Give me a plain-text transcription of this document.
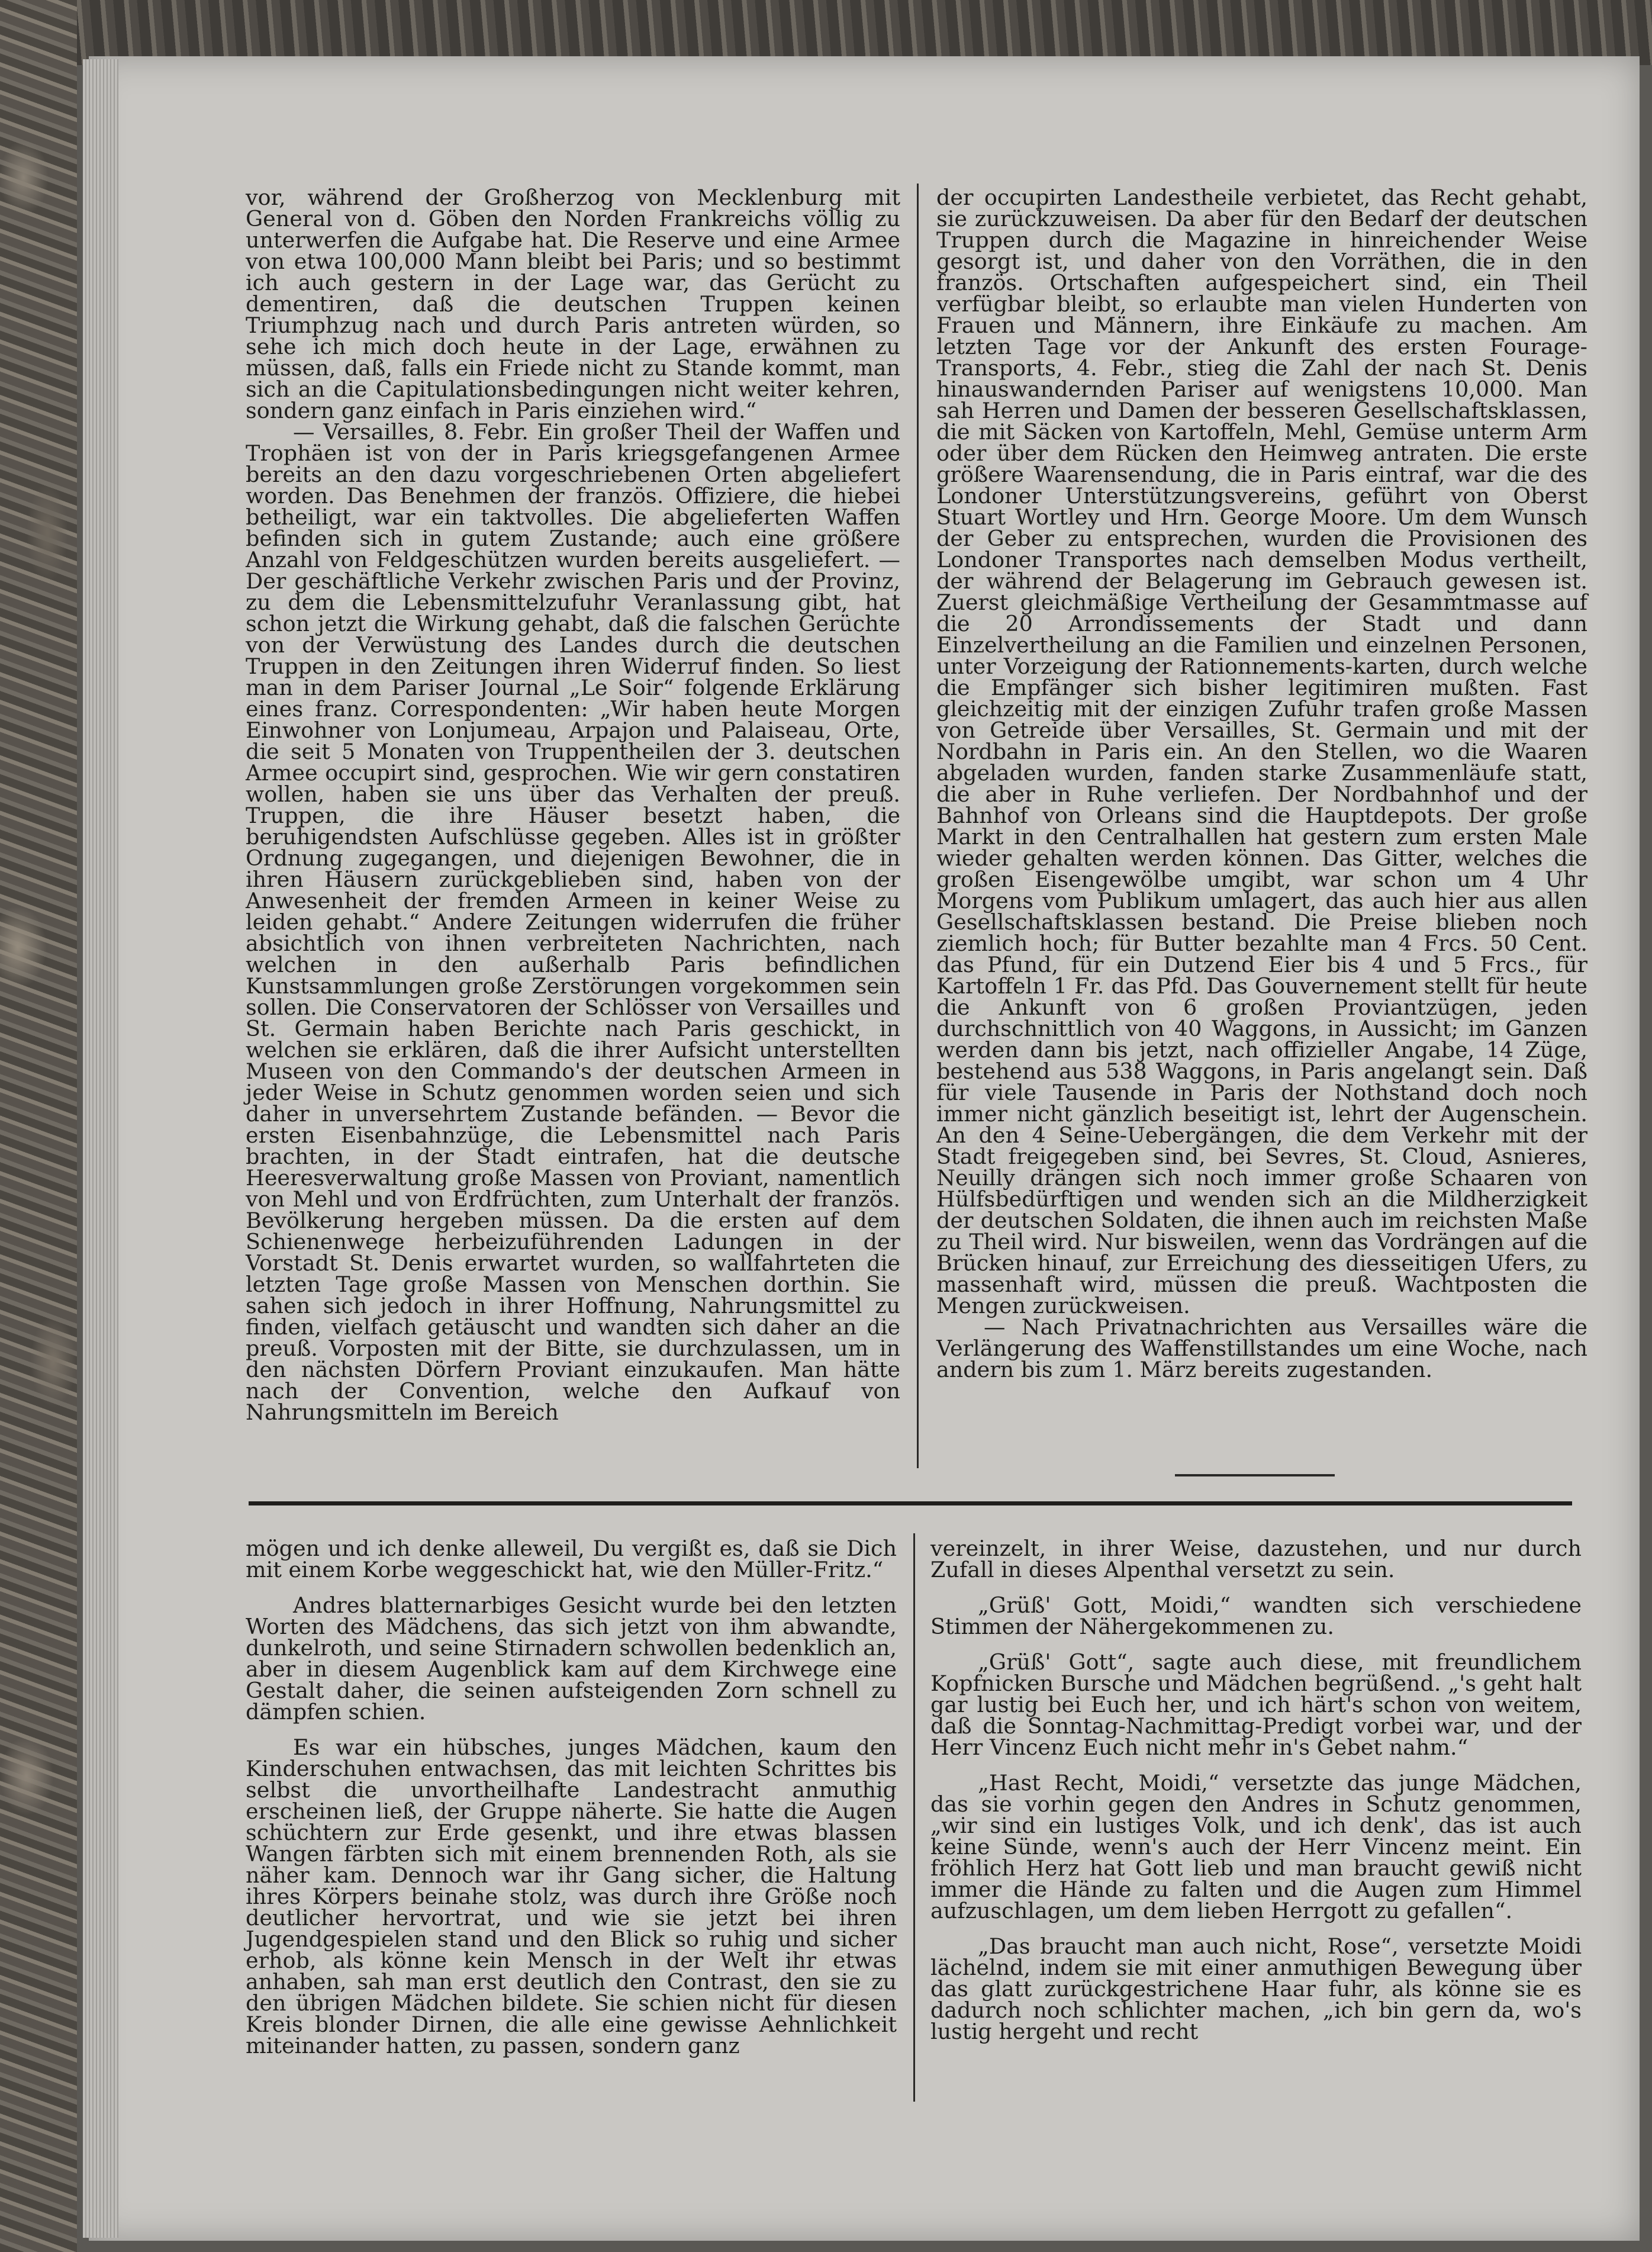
vor, während der Großherzog von Mecklenburg mit General von d. Göben den Norden Frankreichs völlig zu unterwerfen die Aufgabe hat. Die Reserve und eine Armee von etwa 100,000 Mann bleibt bei Paris; und so bestimmt ich auch gestern in der Lage war, das Gerücht zu dementiren, daß die deutschen Truppen keinen Triumphzug nach und durch Paris antreten würden, so sehe ich mich doch heute in der Lage, erwähnen zu müssen, daß, falls ein Friede nicht zu Stande kommt, man sich an die Capitulationsbedingungen nicht weiter kehren, sondern ganz einfach in Paris einziehen wird.“

— Versailles, 8. Febr. Ein großer Theil der Waffen und Trophäen ist von der in Paris kriegsgefangenen Armee bereits an den dazu vorgeschriebenen Orten abgeliefert worden. Das Benehmen der französ. Offiziere, die hiebei betheiligt, war ein taktvolles. Die abgelieferten Waffen befinden sich in gutem Zustande; auch eine größere Anzahl von Feldgeschützen wurden bereits ausgeliefert. — Der geschäftliche Verkehr zwischen Paris und der Provinz, zu dem die Lebensmittelzufuhr Veranlassung gibt, hat schon jetzt die Wirkung gehabt, daß die falschen Gerüchte von der Verwüstung des Landes durch die deutschen Truppen in den Zeitungen ihren Widerruf finden. So liest man in dem Pariser Journal „Le Soir“ folgende Erklärung eines franz. Correspondenten: „Wir haben heute Morgen Einwohner von Lonjumeau, Arpajon und Palaiseau, Orte, die seit 5 Monaten von Truppentheilen der 3. deutschen Armee occupirt sind, gesprochen. Wie wir gern constatiren wollen, haben sie uns über das Verhalten der preuß. Truppen, die ihre Häuser besetzt haben, die beruhigendsten Aufschlüsse gegeben. Alles ist in größter Ordnung zugegangen, und diejenigen Bewohner, die in ihren Häusern zurückgeblieben sind, haben von der Anwesenheit der fremden Armeen in keiner Weise zu leiden gehabt.“ Andere Zeitungen widerrufen die früher absichtlich von ihnen verbreiteten Nachrichten, nach welchen in den außerhalb Paris befindlichen Kunstsammlungen große Zerstörungen vorgekommen sein sollen. Die Conservatoren der Schlösser von Versailles und St. Germain haben Berichte nach Paris geschickt, in welchen sie erklären, daß die ihrer Aufsicht unterstellten Museen von den Commando's der deutschen Armeen in jeder Weise in Schutz genommen worden seien und sich daher in unversehrtem Zustande befänden. — Bevor die ersten Eisenbahnzüge, die Lebensmittel nach Paris brachten, in der Stadt eintrafen, hat die deutsche Heeresverwaltung große Massen von Proviant, namentlich von Mehl und von Erdfrüchten, zum Unterhalt der französ. Bevölkerung hergeben müssen. Da die ersten auf dem Schienenwege herbeizuführenden Ladungen in der Vorstadt St. Denis erwartet wurden, so wallfahrteten die letzten Tage große Massen von Menschen dorthin. Sie sahen sich jedoch in ihrer Hoffnung, Nahrungsmittel zu finden, vielfach getäuscht und wandten sich daher an die preuß. Vorposten mit der Bitte, sie durchzulassen, um in den nächsten Dörfern Proviant einzukaufen. Man hätte nach der Convention, welche den Aufkauf von Nahrungsmitteln im Bereich

der occupirten Landestheile verbietet, das Recht gehabt, sie zurückzuweisen. Da aber für den Bedarf der deutschen Truppen durch die Magazine in hinreichender Weise gesorgt ist, und daher von den Vorräthen, die in den französ. Ortschaften aufgespeichert sind, ein Theil verfügbar bleibt, so erlaubte man vielen Hunderten von Frauen und Männern, ihre Einkäufe zu machen. Am letzten Tage vor der Ankunft des ersten Fourage-Transports, 4. Febr., stieg die Zahl der nach St. Denis hinauswandernden Pariser auf wenigstens 10,000. Man sah Herren und Damen der besseren Gesellschaftsklassen, die mit Säcken von Kartoffeln, Mehl, Gemüse unterm Arm oder über dem Rücken den Heimweg antraten. Die erste größere Waarensendung, die in Paris eintraf, war die des Londoner Unterstützungsvereins, geführt von Oberst Stuart Wortley und Hrn. George Moore. Um dem Wunsch der Geber zu entsprechen, wurden die Provisionen des Londoner Transportes nach demselben Modus vertheilt, der während der Belagerung im Gebrauch gewesen ist. Zuerst gleichmäßige Vertheilung der Gesammtmasse auf die 20 Arrondissements der Stadt und dann Einzelvertheilung an die Familien und einzelnen Personen, unter Vorzeigung der Rationnements-karten, durch welche die Empfänger sich bisher legitimiren mußten. Fast gleichzeitig mit der einzigen Zufuhr trafen große Massen von Getreide über Versailles, St. Germain und mit der Nordbahn in Paris ein. An den Stellen, wo die Waaren abgeladen wurden, fanden starke Zusammenläufe statt, die aber in Ruhe verliefen. Der Nordbahnhof und der Bahnhof von Orleans sind die Hauptdepots. Der große Markt in den Centralhallen hat gestern zum ersten Male wieder gehalten werden können. Das Gitter, welches die großen Eisengewölbe umgibt, war schon um 4 Uhr Morgens vom Publikum umlagert, das auch hier aus allen Gesellschaftsklassen bestand. Die Preise blieben noch ziemlich hoch; für Butter bezahlte man 4 Frcs. 50 Cent. das Pfund, für ein Dutzend Eier bis 4 und 5 Frcs., für Kartoffeln 1 Fr. das Pfd. Das Gouvernement stellt für heute die Ankunft von 6 großen Proviantzügen, jeden durchschnittlich von 40 Waggons, in Aussicht; im Ganzen werden dann bis jetzt, nach offizieller Angabe, 14 Züge, bestehend aus 538 Waggons, in Paris angelangt sein. Daß für viele Tausende in Paris der Nothstand doch noch immer nicht gänzlich beseitigt ist, lehrt der Augenschein. An den 4 Seine-Uebergängen, die dem Verkehr mit der Stadt freigegeben sind, bei Sevres, St. Cloud, Asnieres, Neuilly drängen sich noch immer große Schaaren von Hülfsbedürftigen und wenden sich an die Mildherzigkeit der deutschen Soldaten, die ihnen auch im reichsten Maße zu Theil wird. Nur bisweilen, wenn das Vordrängen auf die Brücken hinauf, zur Erreichung des diesseitigen Ufers, zu massenhaft wird, müssen die preuß. Wachtposten die Mengen zurückweisen.

— Nach Privatnachrichten aus Versailles wäre die Verlängerung des Waffenstillstandes um eine Woche, nach andern bis zum 1. März bereits zugestanden.

mögen und ich denke alleweil, Du vergißt es, daß sie Dich mit einem Korbe weggeschickt hat, wie den Müller-Fritz.“

Andres blatternarbiges Gesicht wurde bei den letzten Worten des Mädchens, das sich jetzt von ihm abwandte, dunkelroth, und seine Stirnadern schwollen bedenklich an, aber in diesem Augenblick kam auf dem Kirchwege eine Gestalt daher, die seinen aufsteigenden Zorn schnell zu dämpfen schien.

Es war ein hübsches, junges Mädchen, kaum den Kinderschuhen entwachsen, das mit leichten Schrittes bis selbst die unvortheilhafte Landestracht anmuthig erscheinen ließ, der Gruppe näherte. Sie hatte die Augen schüchtern zur Erde gesenkt, und ihre etwas blassen Wangen färbten sich mit einem brennenden Roth, als sie näher kam. Dennoch war ihr Gang sicher, die Haltung ihres Körpers beinahe stolz, was durch ihre Größe noch deutlicher hervortrat, und wie sie jetzt bei ihren Jugendgespielen stand und den Blick so ruhig und sicher erhob, als könne kein Mensch in der Welt ihr etwas anhaben, sah man erst deutlich den Contrast, den sie zu den übrigen Mädchen bildete. Sie schien nicht für diesen Kreis blonder Dirnen, die alle eine gewisse Aehnlichkeit miteinander hatten, zu passen, sondern ganz

vereinzelt, in ihrer Weise, dazustehen, und nur durch Zufall in dieses Alpenthal versetzt zu sein.

„Grüß' Gott, Moidi,“ wandten sich verschiedene Stimmen der Nähergekommenen zu.

„Grüß' Gott“, sagte auch diese, mit freundlichem Kopfnicken Bursche und Mädchen begrüßend. „'s geht halt gar lustig bei Euch her, und ich härt's schon von weitem, daß die Sonntag-Nachmittag-Predigt vorbei war, und der Herr Vincenz Euch nicht mehr in's Gebet nahm.“

„Hast Recht, Moidi,“ versetzte das junge Mädchen, das sie vorhin gegen den Andres in Schutz genommen, „wir sind ein lustiges Volk, und ich denk', das ist auch keine Sünde, wenn's auch der Herr Vincenz meint. Ein fröhlich Herz hat Gott lieb und man braucht gewiß nicht immer die Hände zu falten und die Augen zum Himmel aufzuschlagen, um dem lieben Herrgott zu gefallen“.

„Das braucht man auch nicht, Rose“, versetzte Moidi lächelnd, indem sie mit einer anmuthigen Bewegung über das glatt zurückgestrichene Haar fuhr, als könne sie es dadurch noch schlichter machen, „ich bin gern da, wo's lustig hergeht und recht
